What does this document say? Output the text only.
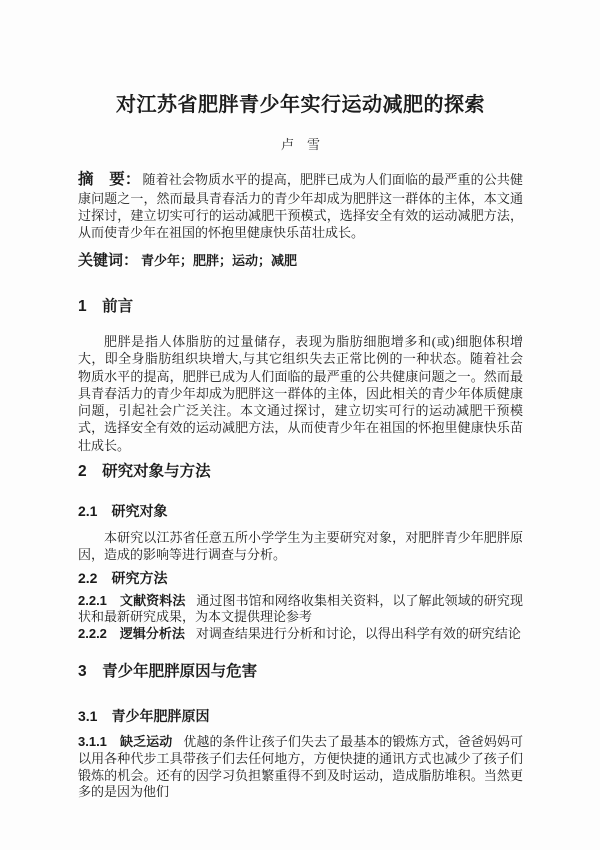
对江苏省肥胖青少年实行运动减肥的探索
卢　雪

摘　要： 随着社会物质水平的提高，肥胖已成为人们面临的最严重的公共健康问题之一，然而最具青春活力的青少年却成为肥胖这一群体的主体，本文通过探讨，建立切实可行的运动减肥干预模式，选择安全有效的运动减肥方法，从而使青少年在祖国的怀抱里健康快乐苗壮成长。

关键词： 青少年；肥胖；运动；减肥

1　前言

肥胖是指人体脂肪的过量储存，表现为脂肪细胞增多和(或)细胞体积增大，即全身脂肪组织块增大,与其它组织失去正常比例的一种状态。随着社会物质水平的提高，肥胖已成为人们面临的最严重的公共健康问题之一。然而最具青春活力的青少年却成为肥胖这一群体的主体，因此相关的青少年体质健康问题，引起社会广泛关注。本文通过探讨，建立切实可行的运动减肥干预模式，选择安全有效的运动减肥方法，从而使青少年在祖国的怀抱里健康快乐苗壮成长。

2　研究对象与方法
2.1　研究对象

本研究以江苏省任意五所小学学生为主要研究对象，对肥胖青少年肥胖原因，造成的影响等进行调查与分析。

2.2　研究方法

2.2.1　文献资料法 通过图书馆和网络收集相关资料，以了解此领域的研究现状和最新研究成果，为本文提供理论参考

2.2.2　逻辑分析法 对调查结果进行分析和讨论，以得出科学有效的研究结论

3　青少年肥胖原因与危害
3.1　青少年肥胖原因

3.1.1　缺乏运动 优越的条件让孩子们失去了最基本的锻炼方式，爸爸妈妈可以用各种代步工具带孩子们去任何地方，方便快捷的通讯方式也减少了孩子们锻炼的机会。还有的因学习负担繁重得不到及时运动，造成脂肪堆积。当然更多的是因为他们
